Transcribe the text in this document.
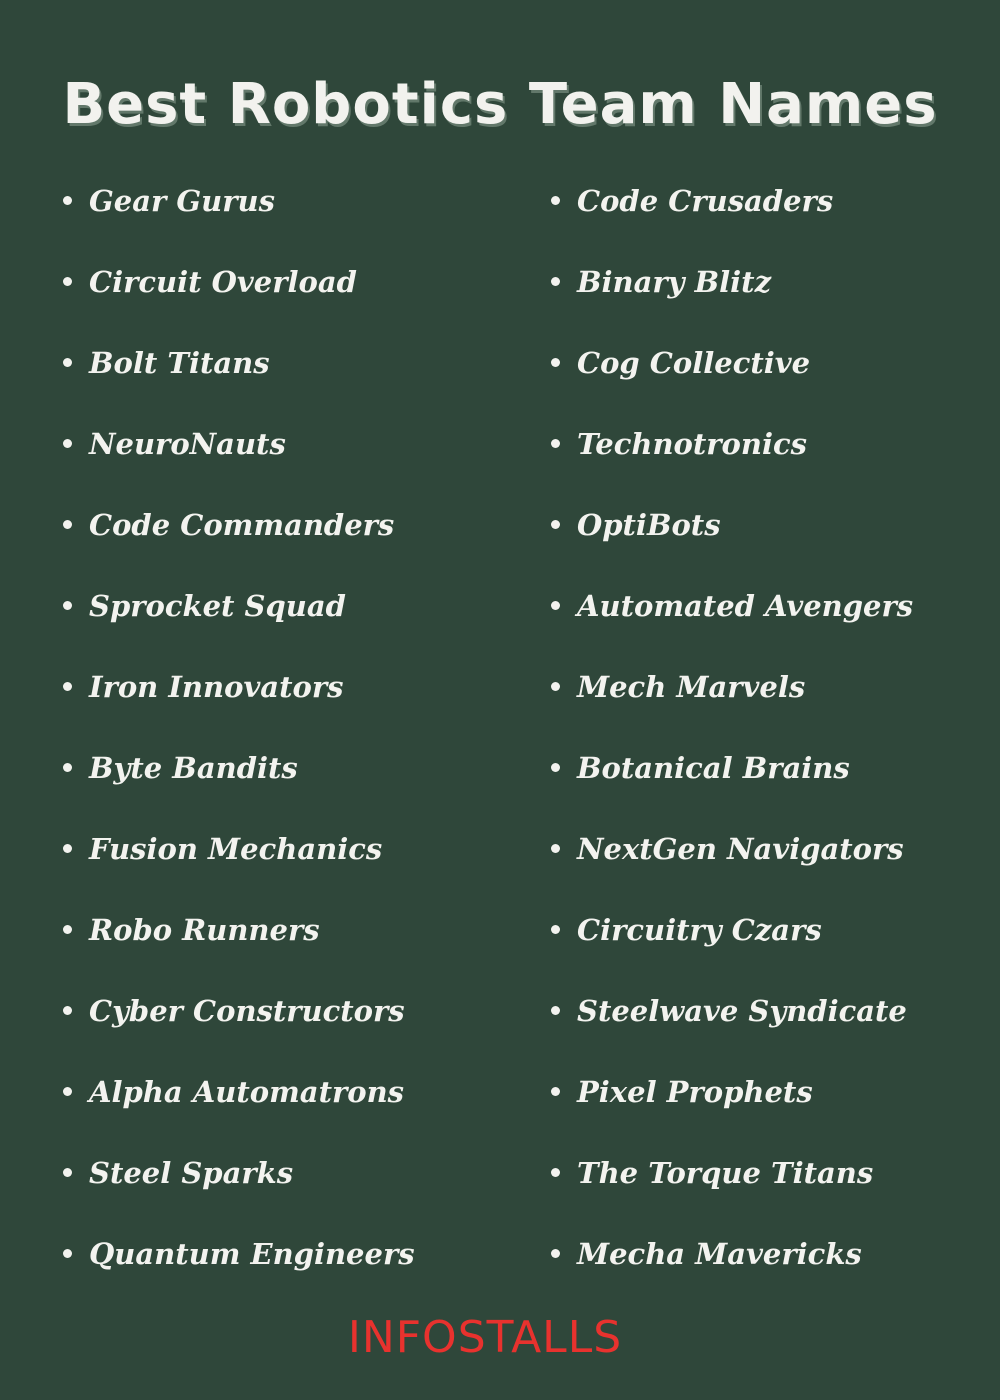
Best Robotics Team Names
Gear Gurus
Circuit Overload
Bolt Titans
NeuroNauts
Code Commanders
Sprocket Squad
Iron Innovators
Byte Bandits
Fusion Mechanics
Robo Runners
Cyber Constructors
Alpha Automatrons
Steel Sparks
Quantum Engineers
Code Crusaders
Binary Blitz
Cog Collective
Technotronics
OptiBots
Automated Avengers
Mech Marvels
Botanical Brains
NextGen Navigators
Circuitry Czars
Steelwave Syndicate
Pixel Prophets
The Torque Titans
Mecha Mavericks
INFOSTALLS
